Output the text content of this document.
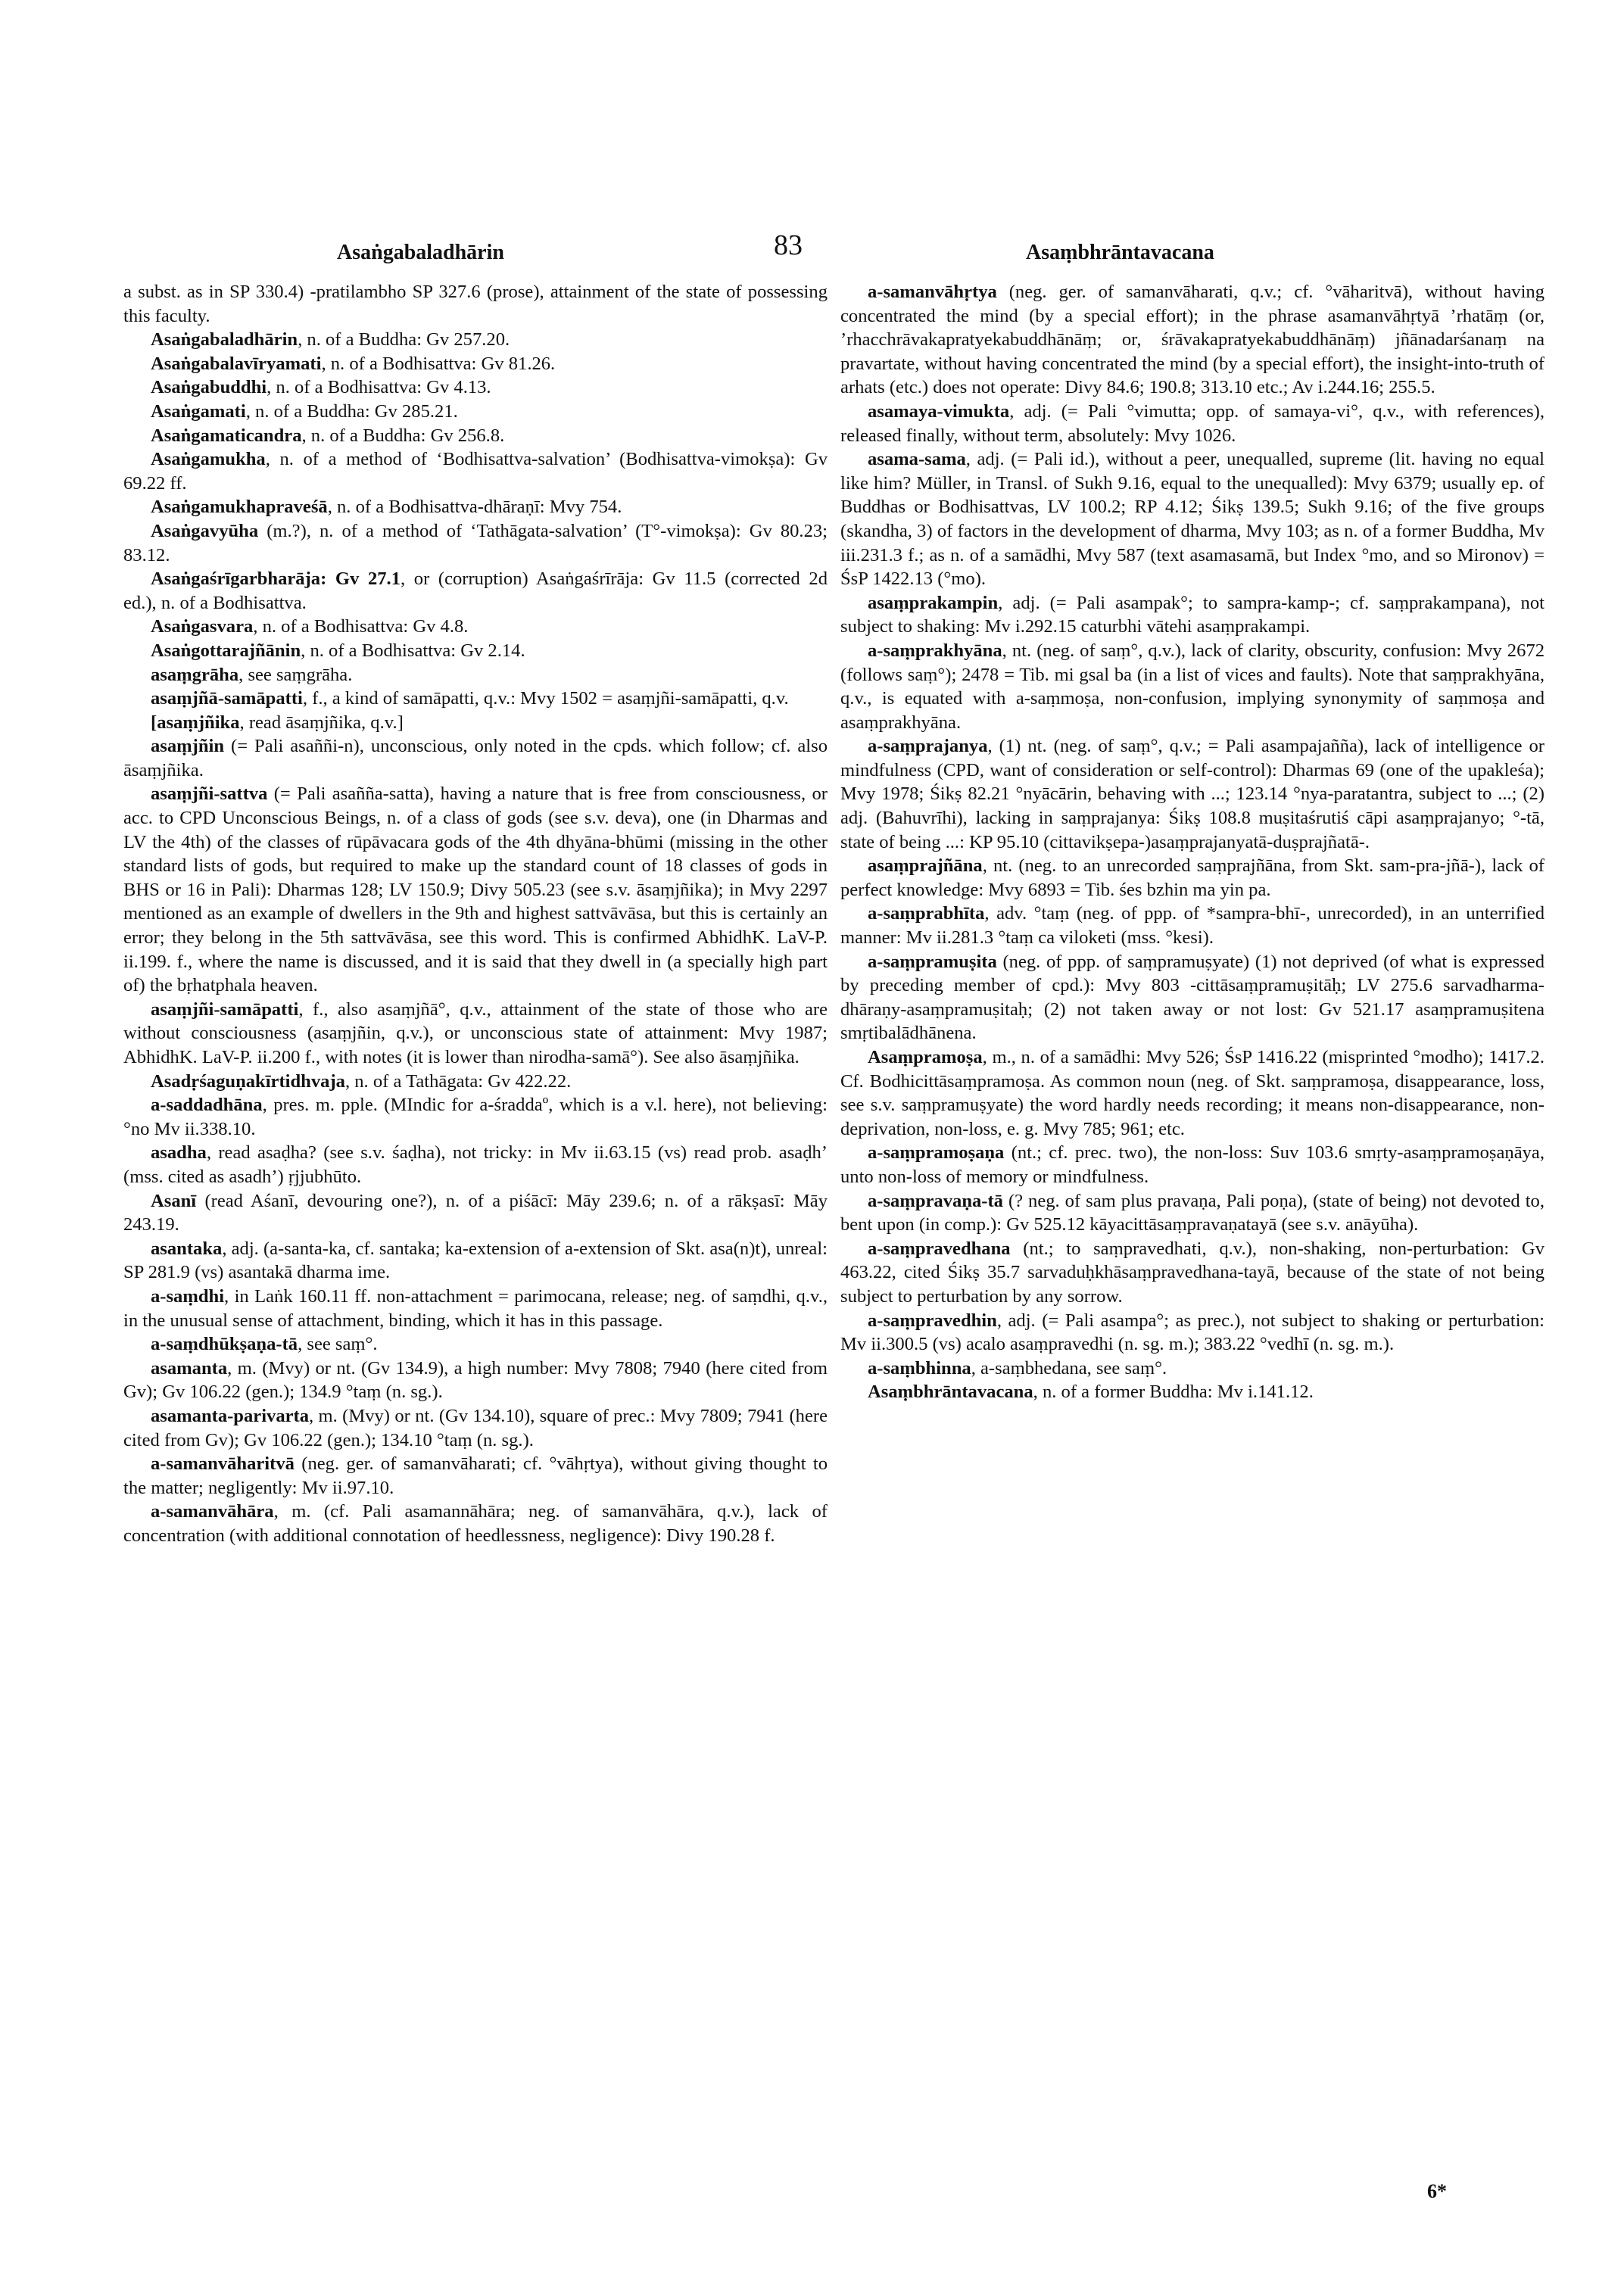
Asaṅgabaladhārin	83	Asaṃbhrāntavacana

a subst. as in SP 330.4) -pratilambho SP 327.6 (prose), attainment of the state of possessing this faculty.

Asaṅgabaladhārin, n. of a Buddha: Gv 257.20.

Asaṅgabalavīryamati, n. of a Bodhisattva: Gv 81.26.

Asaṅgabuddhi, n. of a Bodhisattva: Gv 4.13.

Asaṅgamati, n. of a Buddha: Gv 285.21.

Asaṅgamaticandra, n. of a Buddha: Gv 256.8.

Asaṅgamukha, n. of a method of ‘Bodhisattva-salvation’ (Bodhisattva-vimokṣa): Gv 69.22 ff.

Asaṅgamukhapraveśā, n. of a Bodhisattva-dhāraṇī: Mvy 754.

Asaṅgavyūha (m.?), n. of a method of ‘Tathāgata-salvation’ (T°-vimokṣa): Gv 80.23; 83.12.

Asaṅgaśrīgarbharāja: Gv 27.1, or (corruption) Asaṅgaśrīrāja: Gv 11.5 (corrected 2d ed.), n. of a Bodhisattva.

Asaṅgasvara, n. of a Bodhisattva: Gv 4.8.

Asaṅgottarajñānin, n. of a Bodhisattva: Gv 2.14.

asaṃgrāha, see saṃgrāha.

asaṃjñā-samāpatti, f., a kind of samāpatti, q.v.: Mvy 1502 = asaṃjñi-samāpatti, q.v.

[asaṃjñika, read āsaṃjñika, q.v.]

asaṃjñin (= Pali asaññi-n), unconscious, only noted in the cpds. which follow; cf. also āsaṃjñika.

asaṃjñi-sattva (= Pali asañña-satta), having a nature that is free from consciousness, or acc. to CPD Unconscious Beings, n. of a class of gods (see s.v. deva), one (in Dharmas and LV the 4th) of the classes of rūpāvacara gods of the 4th dhyāna-bhūmi (missing in the other standard lists of gods, but required to make up the standard count of 18 classes of gods in BHS or 16 in Pali): Dharmas 128; LV 150.9; Divy 505.23 (see s.v. āsaṃjñika); in Mvy 2297 mentioned as an example of dwellers in the 9th and highest sattvāvāsa, but this is certainly an error; they belong in the 5th sattvāvāsa, see this word. This is confirmed AbhidhK. LaV-P. ii.199. f., where the name is discussed, and it is said that they dwell in (a specially high part of) the bṛhatphala heaven.

asaṃjñi-samāpatti, f., also asaṃjñā°, q.v., attainment of the state of those who are without consciousness (asaṃjñin, q.v.), or unconscious state of attainment: Mvy 1987; AbhidhK. LaV-P. ii.200 f., with notes (it is lower than nirodha-samā°). See also āsaṃjñika.

Asadṛśaguṇakīrtidhvaja, n. of a Tathāgata: Gv 422.22.

a-saddadhāna, pres. m. pple. (MIndic for a-śraddaº, which is a v.l. here), not believing: °no Mv ii.338.10.

asadha, read asaḍha? (see s.v. śaḍha), not tricky: in Mv ii.63.15 (vs) read prob. asaḍh’ (mss. cited as asadh’) ṛjjubhūto.

Asanī (read Aśanī, devouring one?), n. of a piśācī: Māy 239.6; n. of a rākṣasī: Māy 243.19.

asantaka, adj. (a-santa-ka, cf. santaka; ka-extension of a-extension of Skt. asa(n)t), unreal: SP 281.9 (vs) asantakā dharma ime.

a-saṃdhi, in Laṅk 160.11 ff. non-attachment = parimocana, release; neg. of saṃdhi, q.v., in the unusual sense of attachment, binding, which it has in this passage.

a-saṃdhūkṣaṇa-tā, see saṃ°.

asamanta, m. (Mvy) or nt. (Gv 134.9), a high number: Mvy 7808; 7940 (here cited from Gv); Gv 106.22 (gen.); 134.9 °taṃ (n. sg.).

asamanta-parivarta, m. (Mvy) or nt. (Gv 134.10), square of prec.: Mvy 7809; 7941 (here cited from Gv); Gv 106.22 (gen.); 134.10 °taṃ (n. sg.).

a-samanvāharitvā (neg. ger. of samanvāharati; cf. °vāhṛtya), without giving thought to the matter; negligently: Mv ii.97.10.

a-samanvāhāra, m. (cf. Pali asamannāhāra; neg. of samanvāhāra, q.v.), lack of concentration (with additional connotation of heedlessness, negligence): Divy 190.28 f.

a-samanvāhṛtya (neg. ger. of samanvāharati, q.v.; cf. °vāharitvā), without having concentrated the mind (by a special effort); in the phrase asamanvāhṛtyā ’rhatāṃ (or, ’rhacchrāvakapratyekabuddhānāṃ; or, śrāvakapratyekabuddhānāṃ) jñānadarśanaṃ na pravartate, without having concentrated the mind (by a special effort), the insight-into-truth of arhats (etc.) does not operate: Divy 84.6; 190.8; 313.10 etc.; Av i.244.16; 255.5.

asamaya-vimukta, adj. (= Pali °vimutta; opp. of samaya-vi°, q.v., with references), released finally, without term, absolutely: Mvy 1026.

asama-sama, adj. (= Pali id.), without a peer, unequalled, supreme (lit. having no equal like him? Müller, in Transl. of Sukh 9.16, equal to the unequalled): Mvy 6379; usually ep. of Buddhas or Bodhisattvas, LV 100.2; RP 4.12; Śikṣ 139.5; Sukh 9.16; of the five groups (skandha, 3) of factors in the development of dharma, Mvy 103; as n. of a former Buddha, Mv iii.231.3 f.; as n. of a samādhi, Mvy 587 (text asamasamā, but Index °mo, and so Mironov) = ŚsP 1422.13 (°mo).

asaṃprakampin, adj. (= Pali asampak°; to sampra-kamp-; cf. saṃprakampana), not subject to shaking: Mv i.292.15 caturbhi vātehi asaṃprakampi.

a-saṃprakhyāna, nt. (neg. of saṃ°, q.v.), lack of clarity, obscurity, confusion: Mvy 2672 (follows saṃ°); 2478 = Tib. mi gsal ba (in a list of vices and faults). Note that saṃprakhyāna, q.v., is equated with a-saṃmoṣa, non-confusion, implying synonymity of saṃmoṣa and asaṃprakhyāna.

a-saṃprajanya, (1) nt. (neg. of saṃ°, q.v.; = Pali asampajañña), lack of intelligence or mindfulness (CPD, want of consideration or self-control): Dharmas 69 (one of the upakleśa); Mvy 1978; Śikṣ 82.21 °nyācārin, behaving with ...; 123.14 °nya-paratantra, subject to ...; (2) adj. (Bahuvrīhi), lacking in saṃprajanya: Śikṣ 108.8 muṣitaśrutiś cāpi asaṃprajanyo; °-tā, state of being ...: KP 95.10 (cittavikṣepa-)asaṃprajanyatā-duṣprajñatā-.

asaṃprajñāna, nt. (neg. to an unrecorded saṃprajñāna, from Skt. sam-pra-jñā-), lack of perfect knowledge: Mvy 6893 = Tib. śes bzhin ma yin pa.

a-saṃprabhīta, adv. °taṃ (neg. of ppp. of *sampra-bhī-, unrecorded), in an unterrified manner: Mv ii.281.3 °taṃ ca viloketi (mss. °kesi).

a-saṃpramuṣita (neg. of ppp. of saṃpramuṣyate) (1) not deprived (of what is expressed by preceding member of cpd.): Mvy 803 -cittāsaṃpramuṣitāḥ; LV 275.6 sarvadharma-dhāraṇy-asaṃpramuṣitaḥ; (2) not taken away or not lost: Gv 521.17 asaṃpramuṣitena smṛtibalādhānena.

Asaṃpramoṣa, m., n. of a samādhi: Mvy 526; ŚsP 1416.22 (misprinted °modho); 1417.2. Cf. Bodhicittāsaṃpramoṣa. As common noun (neg. of Skt. saṃpramoṣa, disappearance, loss, see s.v. saṃpramuṣyate) the word hardly needs recording; it means non-disappearance, non-deprivation, non-loss, e. g. Mvy 785; 961; etc.

a-saṃpramoṣaṇa (nt.; cf. prec. two), the non-loss: Suv 103.6 smṛty-asaṃpramoṣaṇāya, unto non-loss of memory or mindfulness.

a-saṃpravaṇa-tā (? neg. of sam plus pravaṇa, Pali poṇa), (state of being) not devoted to, bent upon (in comp.): Gv 525.12 kāyacittāsaṃpravaṇatayā (see s.v. anāyūha).

a-saṃpravedhana (nt.; to saṃpravedhati, q.v.), non-shaking, non-perturbation: Gv 463.22, cited Śikṣ 35.7 sarvaduḥkhāsaṃpravedhana-tayā, because of the state of not being subject to perturbation by any sorrow.

a-saṃpravedhin, adj. (= Pali asampa°; as prec.), not subject to shaking or perturbation: Mv ii.300.5 (vs) acalo asaṃpravedhi (n. sg. m.); 383.22 °vedhī (n. sg. m.).

a-saṃbhinna, a-saṃbhedana, see saṃ°.

Asaṃbhrāntavacana, n. of a former Buddha: Mv i.141.12.

6*
